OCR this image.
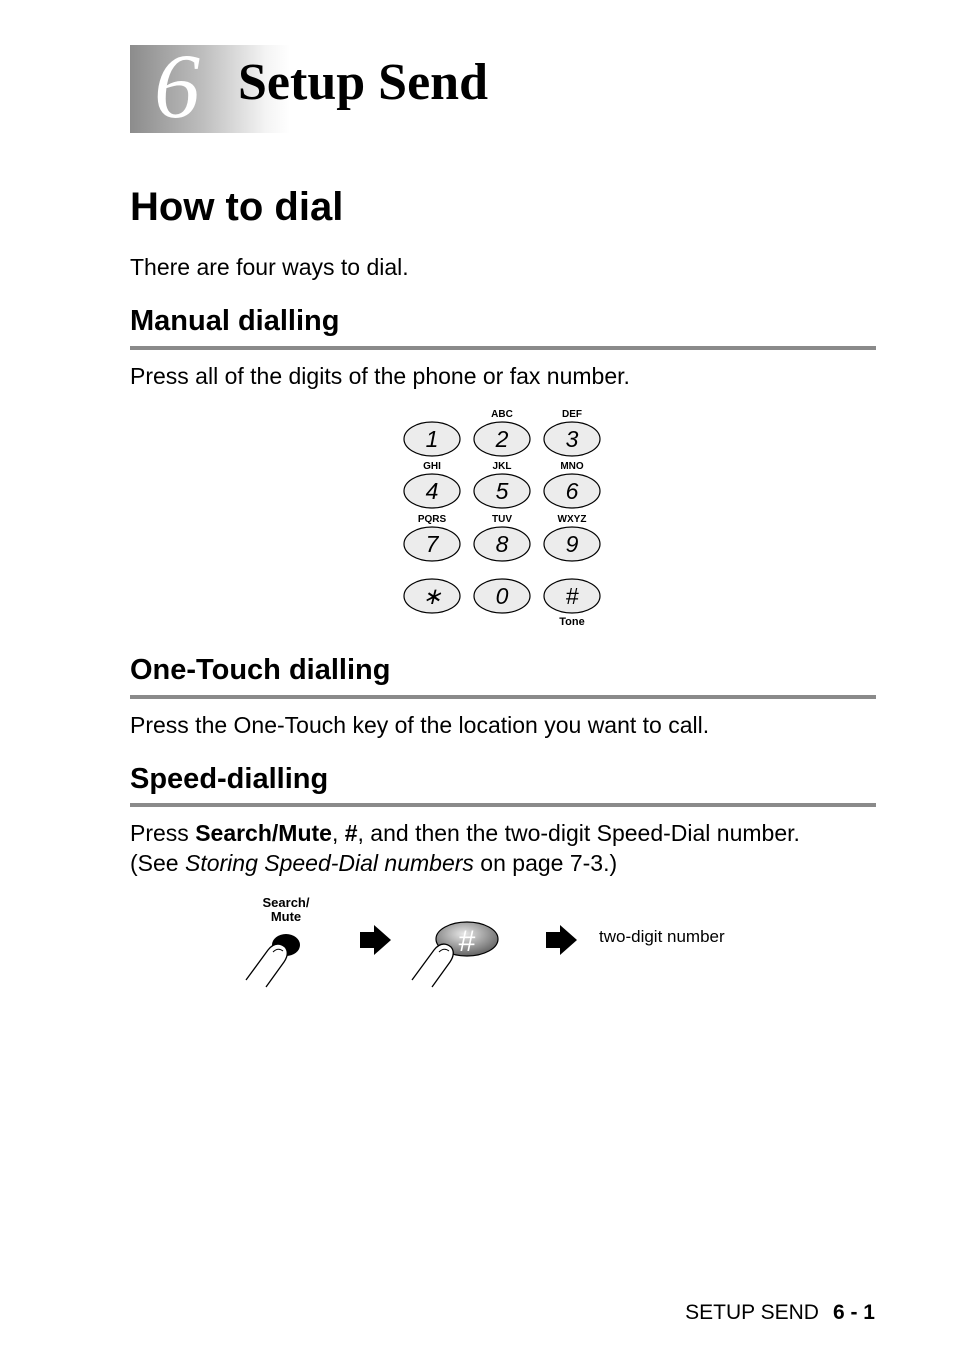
6 Setup Send
How to dial
There are four ways to dial.
Manual dialling
Press all of the digits of the phone or fax number.
1 2
ABC
3
DEF
4
GHI
5
JKL
6
MNO
7
PQRS
8
TUV
9
WXYZ
∗ 0 #
Tone
One-Touch dialling
Press the One-Touch key of the location you want to call.
Speed-dialling
Press Search/Mute, #, and then the two-digit Speed-Dial number.
(See Storing Speed-Dial numbers on page 7-3.)
Search/
Mute
#	two-digit number
SETUP SEND 6 - 1
